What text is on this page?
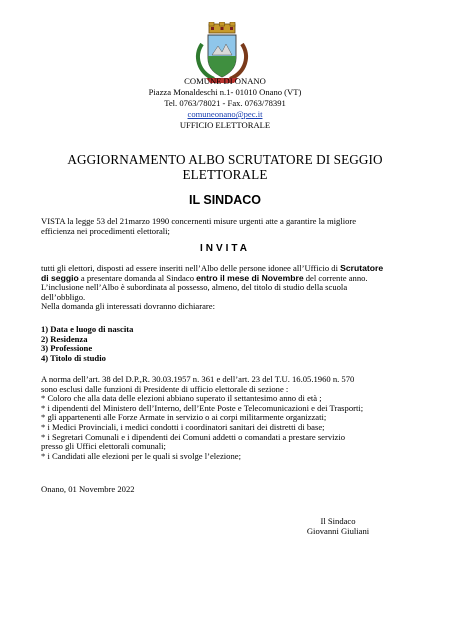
COMUNE DI ONANO
Piazza Monaldeschi n.1- 01010 Onano (VT)
Tel. 0763/78021 - Fax. 0763/78391
comuneonano@pec.it
UFFICIO ELETTORALE
AGGIORNAMENTO ALBO SCRUTATORE DI SEGGIO
ELETTORALE
IL SINDACO
VISTA la legge 53 del 21marzo 1990 concernenti misure urgenti atte a garantire la migliore
efficienza nei procedimenti elettorali;
INVITA
tutti gli elettori, disposti ad essere inseriti nell’Albo delle persone idonee all’Ufficio di Scrutatore
di seggio a presentare domanda al Sindaco entro il mese di Novembre del corrente anno.
L’inclusione nell’Albo è subordinata al possesso, almeno, del titolo di studio della scuola
dell’obbligo.
Nella domanda gli interessati dovranno dichiarare:
1) Data e luogo di nascita
2) Residenza
3) Professione
4) Titolo di studio
A norma dell’art. 38 del D.P.,R. 30.03.1957 n. 361 e dell’art. 23 del T.U. 16.05.1960 n. 570
sono esclusi dalle funzioni di Presidente di ufficio elettorale di sezione :
* Coloro che alla data delle elezioni abbiano superato il settantesimo anno di età ;
* i dipendenti del Ministero dell’Interno, dell’Ente Poste e Telecomunicazioni e dei Trasporti;
* gli appartenenti alle Forze Armate in servizio o ai corpi militarmente organizzati;
* i Medici Provinciali, i medici condotti i coordinatori sanitari dei distretti di base;
* i Segretari Comunali e i dipendenti dei Comuni addetti o comandati a prestare servizio
presso gli Uffici elettorali comunali;
* i Candidati alle elezioni per le quali si svolge l’elezione;
Onano, 01 Novembre 2022
Il Sindaco
Giovanni Giuliani
